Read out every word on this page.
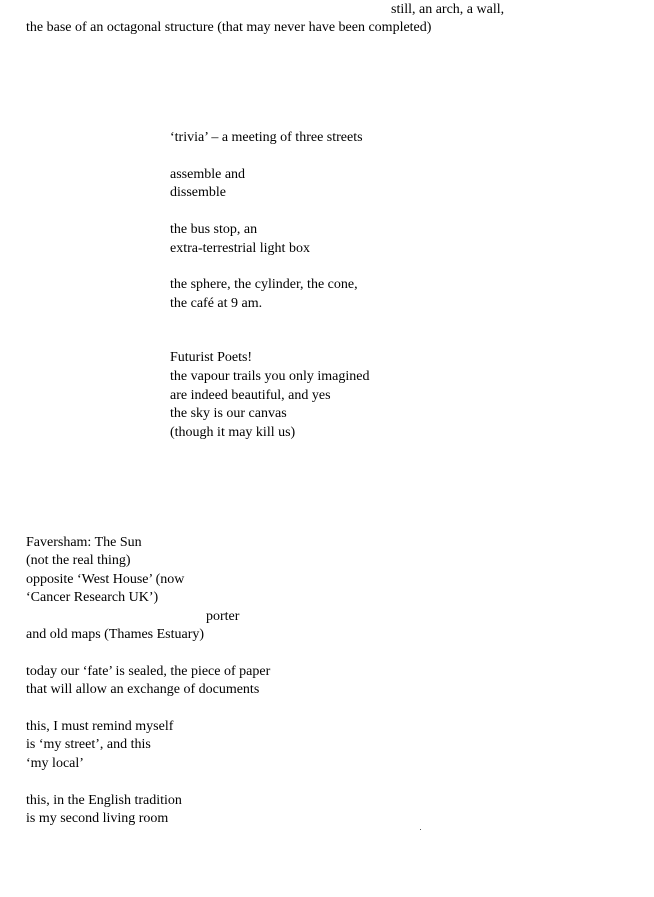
still, an arch, a wall,
the base of an octagonal structure (that may never have been completed)
‘trivia’ – a meeting of three streets
assemble and
dissemble
the bus stop, an
extra-terrestrial light box
the sphere, the cylinder, the cone,
the café at 9 am.
Futurist Poets!
the vapour trails you only imagined
are indeed beautiful, and yes
the sky is our canvas
(though it may kill us)
Faversham: The Sun
(not the real thing)
opposite ‘West House’ (now
‘Cancer Research UK’)
porter
and old maps (Thames Estuary)
today our ‘fate’ is sealed, the piece of paper
that will allow an exchange of documents
this, I must remind myself
is ‘my street’, and this
‘my local’
this, in the English tradition
is my second living room
